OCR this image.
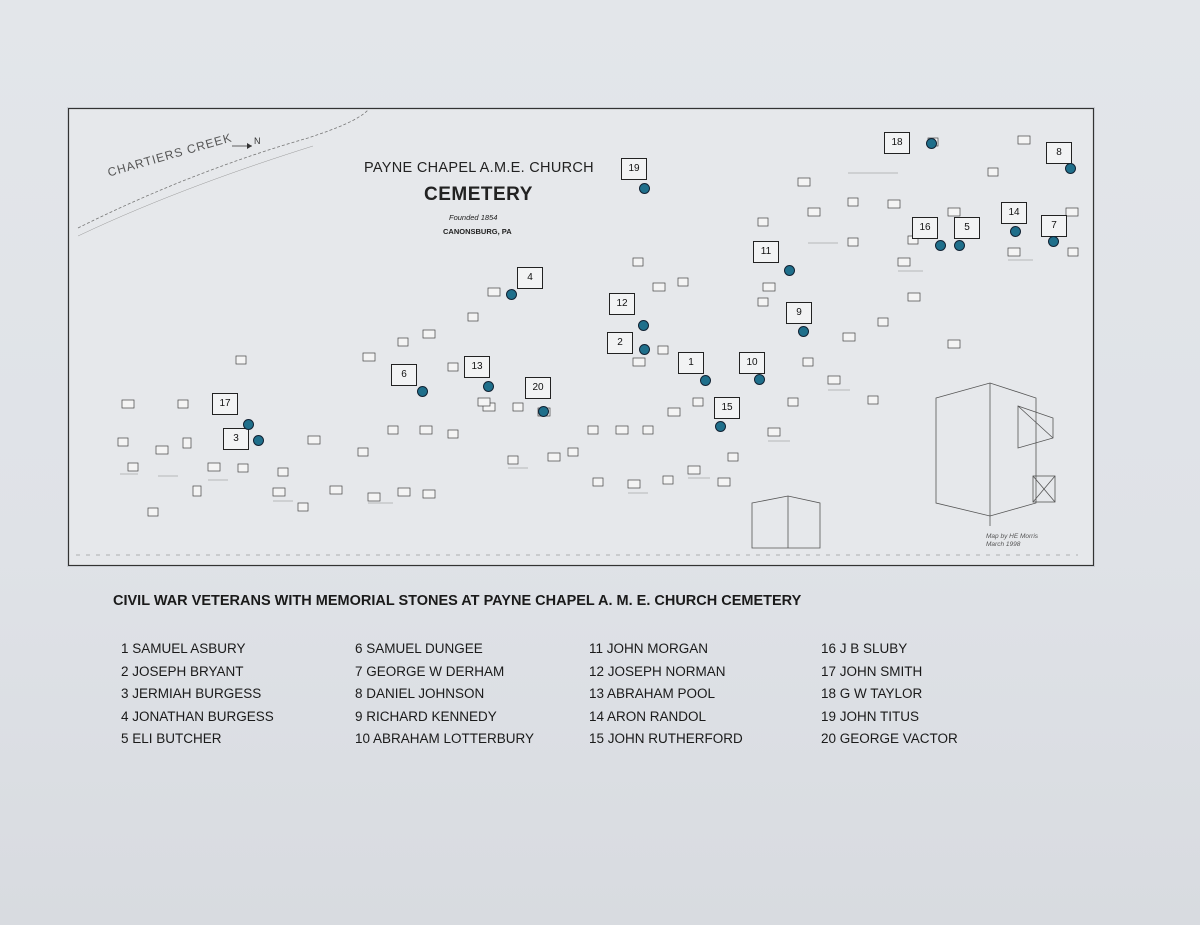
CHARTIERS CREEK N
PAYNE CHAPEL A.M.E. CHURCH
CEMETERY
Founded 1854
CANONSBURG, PA
1
2
3
4
5
6
7
8
9
10
11
12
13
14
15
16
17
18
19
20
Map by HE Morris
March 1998
CIVIL WAR VETERANS WITH MEMORIAL STONES AT PAYNE CHAPEL A. M. E. CHURCH CEMETERY
1 SAMUEL ASBURY
2 JOSEPH BRYANT
3 JERMIAH BURGESS
4 JONATHAN BURGESS
5 ELI BUTCHER
6 SAMUEL DUNGEE
7 GEORGE W DERHAM
8 DANIEL JOHNSON
9 RICHARD KENNEDY
10 ABRAHAM LOTTERBURY
11 JOHN MORGAN
12 JOSEPH NORMAN
13 ABRAHAM POOL
14 ARON RANDOL
15 JOHN RUTHERFORD
16 J B SLUBY
17 JOHN SMITH
18 G W TAYLOR
19 JOHN TITUS
20 GEORGE VACTOR
